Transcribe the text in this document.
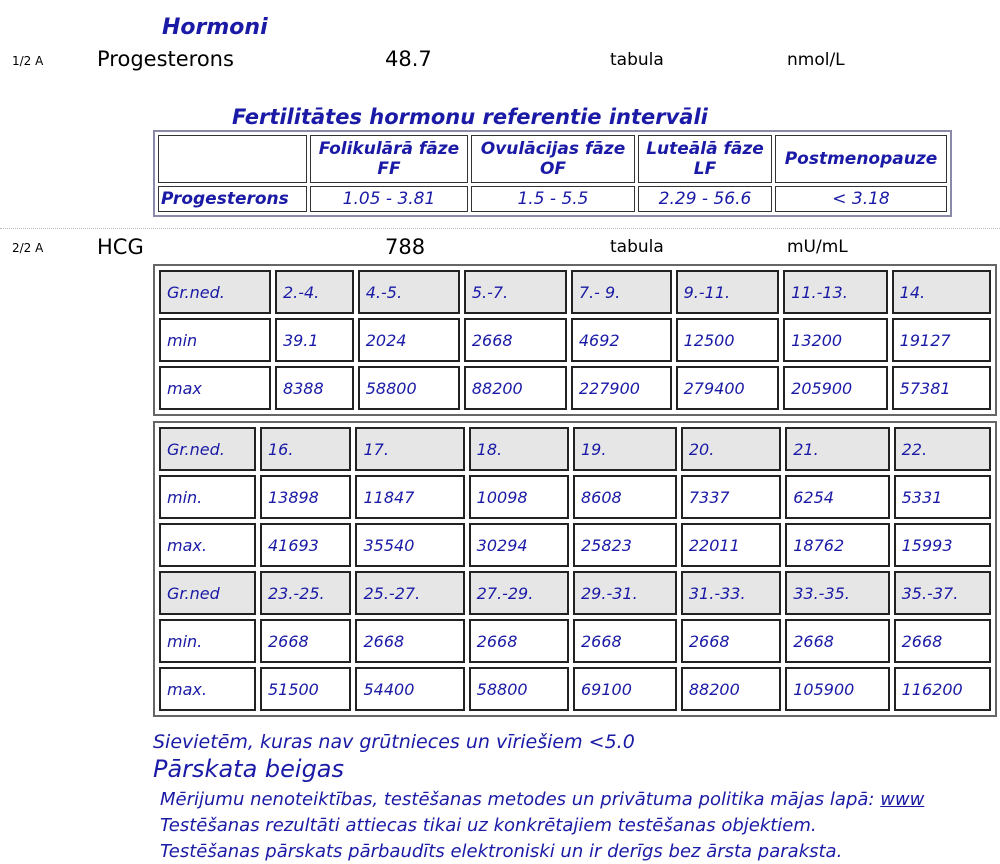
Hormoni
1/2 A	Progesterons	48.7	tabula	nmol/L
Fertilitātes hormonu referentie intervāli
	Folikulārā fāze FF	Ovulācijas fāze OF	Luteālā fāze LF	Postmenopauze
Progesterons	1.05 - 3.81	1.5 - 5.5	2.29 - 56.6	< 3.18
2/2 A	HCG	788	tabula	mU/mL
Gr.ned.	2.-4.	4.-5.	5.-7.	7.- 9.	9.-11.	11.-13.	14.
min	39.1	2024	2668	4692	12500	13200	19127
max	8388	58800	88200	227900	279400	205900	57381
Gr.ned.	16.	17.	18.	19.	20.	21.	22.
min.	13898	11847	10098	8608	7337	6254	5331
max.	41693	35540	30294	25823	22011	18762	15993
Gr.ned	23.-25.	25.-27.	27.-29.	29.-31.	31.-33.	33.-35.	35.-37.
min.	2668	2668	2668	2668	2668	2668	2668
max.	51500	54400	58800	69100	88200	105900	116200
Sievietēm, kuras nav grūtnieces un vīriešiem <5.0
Pārskata beigas
Mērijumu nenoteiktības, testēšanas metodes un privātuma politika mājas lapā: www
Testēšanas rezultāti attiecas tikai uz konkrētajiem testēšanas objektiem.
Testēšanas pārskats pārbaudīts elektroniski un ir derīgs bez ārsta paraksta.
